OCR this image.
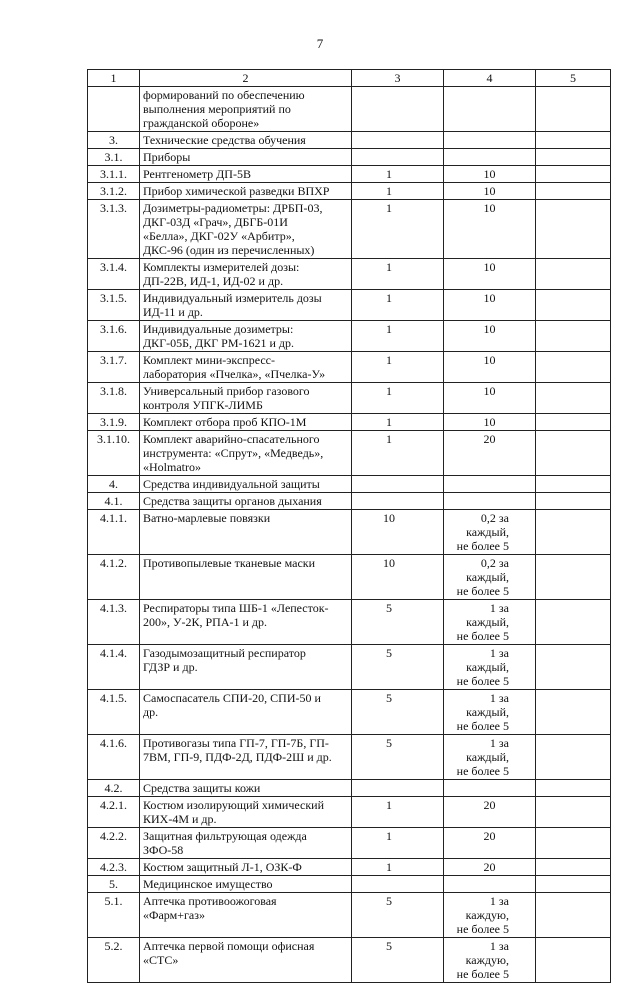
7
1	2	3	4	5
	формирований по обеспечению
выполнения мероприятий по
гражданской обороне»			
3.	Технические средства обучения			
3.1.	Приборы			
3.1.1.	Рентгенометр ДП-5В	1	10	
3.1.2.	Прибор химической разведки ВПХР	1	10	
3.1.3.	Дозиметры-радиометры: ДРБП-03,
ДКГ-03Д «Грач», ДБГБ-01И
«Белла», ДКГ-02У «Арбитр»,
ДКС-96 (один из перечисленных)	1	10	
3.1.4.	Комплекты измерителей дозы:
ДП-22В, ИД-1, ИД-02 и др.	1	10	
3.1.5.	Индивидуальный измеритель дозы
ИД-11 и др.	1	10	
3.1.6.	Индивидуальные дозиметры:
ДКГ-05Б, ДКГ РМ-1621 и др.	1	10	
3.1.7.	Комплект мини-экспресс-
лаборатория «Пчелка», «Пчелка-У»	1	10	
3.1.8.	Универсальный прибор газового
контроля УПГК-ЛИМБ	1	10	
3.1.9.	Комплект отбора проб КПО-1М	1	10	
3.1.10.	Комплект аварийно-спасательного
инструмента: «Спрут», «Медведь»,
«Holmatro»	1	20	
4.	Средства индивидуальной защиты			
4.1.	Средства защиты органов дыхания			
4.1.1.	Ватно-марлевые повязки	10	0,2 за каждый,
не более 5	
4.1.2.	Противопылевые тканевые маски	10	0,2 за каждый,
не более 5	
4.1.3.	Респираторы типа ШБ-1 «Лепесток-
200», У-2К, РПА-1 и др.	5	1 за каждый,
не более 5	
4.1.4.	Газодымозащитный респиратор
ГДЗР и др.	5	1 за каждый,
не более 5	
4.1.5.	Самоспасатель СПИ-20, СПИ-50 и
др.	5	1 за каждый,
не более 5	
4.1.6.	Противогазы типа ГП-7, ГП-7Б, ГП-
7ВМ, ГП-9, ПДФ-2Д, ПДФ-2Ш и др.	5	1 за каждый,
не более 5	
4.2.	Средства защиты кожи			
4.2.1.	Костюм изолирующий химический
КИХ-4М и др.	1	20	
4.2.2.	Защитная фильтрующая одежда
ЗФО-58	1	20	
4.2.3.	Костюм защитный Л-1, ОЗК-Ф	1	20	
5.	Медицинское имущество			
5.1.	Аптечка противоожоговая
«Фарм+газ»	5	1 за каждую,
не более 5	
5.2.	Аптечка первой помощи офисная
«СТС»	5	1 за каждую,
не более 5	
